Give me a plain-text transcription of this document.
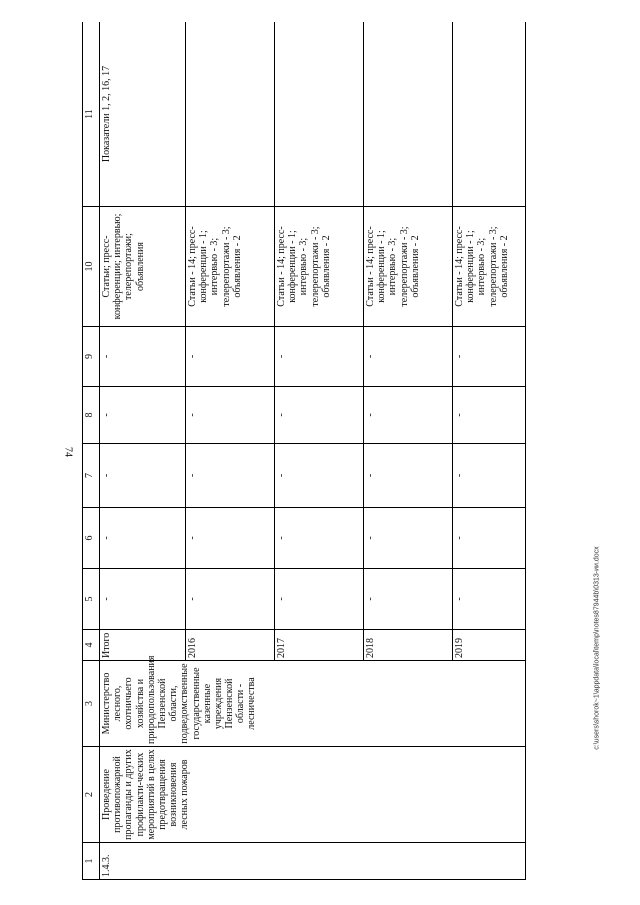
74
1	2	3	4	5	6	7	8	9	10	11
1.4.3.	Проведение противопожарной пропаганды и других профилакти-ческих мероприятий в целях предотвращения возникновения лесных пожаров	Министерство лесного, охотничьего хозяйства и природопользования Пензенской области, подведомственные государственные казенные учреждения Пензенской области - лесничества	Итого	-	-	-	-	-	Статьи; пресс-конференции; интервью; телерепортажи; объявления	Показатели 1, 2, 16, 17
			2016	-	-	-	-	-	Статьи - 14; пресс-конференции - 1; интервью - 3; телерепортажи - 3; объявления - 2	
			2017	-	-	-	-	-	Статьи - 14; пресс-конференции - 1; интервью - 3; телерепортажи - 3; объявления - 2	
			2018	-	-	-	-	-	Статьи - 14; пресс-конференции - 1; интервью - 3; телерепортажи - 3; объявления - 2	
			2019	-	-	-	-	-	Статьи - 14; пресс-конференции - 1; интервью - 3; телерепортажи - 3; объявления - 2	
c:\users\shorok~1\appdata\local\temp\notes87944b\0313-ии.docx
